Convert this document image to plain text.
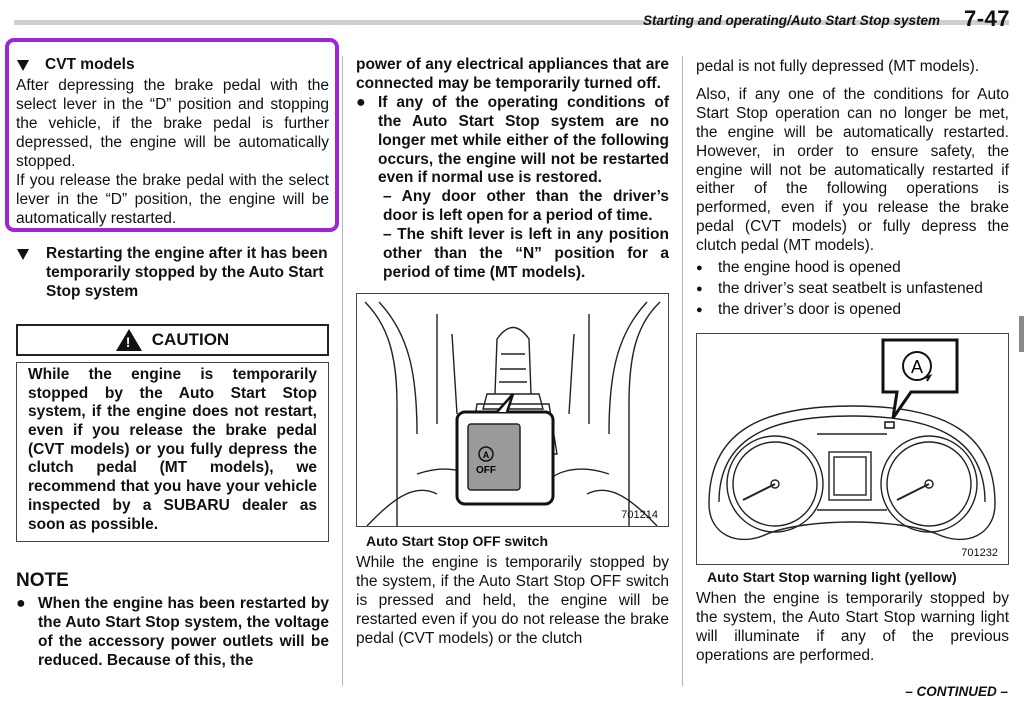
Starting and operating/Auto Start Stop system 7-47
CVT models

After depressing the brake pedal with the select lever in the “D” position and stopping the vehicle, if the brake pedal is further depressed, the engine will be automatically stopped.

If you release the brake pedal with the select lever in the “D” position, the engine will be automatically restarted.

Restarting the engine after it has been temporarily stopped by the Auto Start Stop system
! CAUTION

While the engine is temporarily stopped by the Auto Start Stop system, if the engine does not restart, even if you release the brake pedal (CVT models) or you fully depress the clutch pedal (MT models), we recommend that you have your vehicle inspected by a SUBARU dealer as soon as possible.

NOTE
● When the engine has been restarted by the Auto Start Stop system, the voltage of the accessory power outlets will be reduced. Because of this, the

power of any electrical appliances that are connected may be temporarily turned off.

● If any of the operating conditions of the Auto Start Stop system are no longer met while either of the following occurs, the engine will not be restarted even if normal use is restored.

– Any door other than the driver’s door is left open for a period of time.

– The shift lever is left in any position other than the “N” position for a period of time (MT models).

A
OFF
701214
Auto Start Stop OFF switch

While the engine is temporarily stopped by the system, if the Auto Start Stop OFF switch is pressed and held, the engine will be restarted even if you do not release the brake pedal (CVT models) or the clutch

pedal is not fully depressed (MT models).

Also, if any one of the conditions for Auto Start Stop operation can no longer be met, the engine will be automatically restarted. However, in order to ensure safety, the engine will not be automatically restarted if either of the following operations is performed, even if you release the brake pedal (CVT models) or fully depress the clutch pedal (MT models).

● the engine hood is opened

● the driver’s seat seatbelt is unfastened

● the driver’s door is opened

A
701232
Auto Start Stop warning light (yellow)

When the engine is temporarily stopped by the system, the Auto Start Stop warning light will illuminate if any of the previous operations are performed.

– CONTINUED –
